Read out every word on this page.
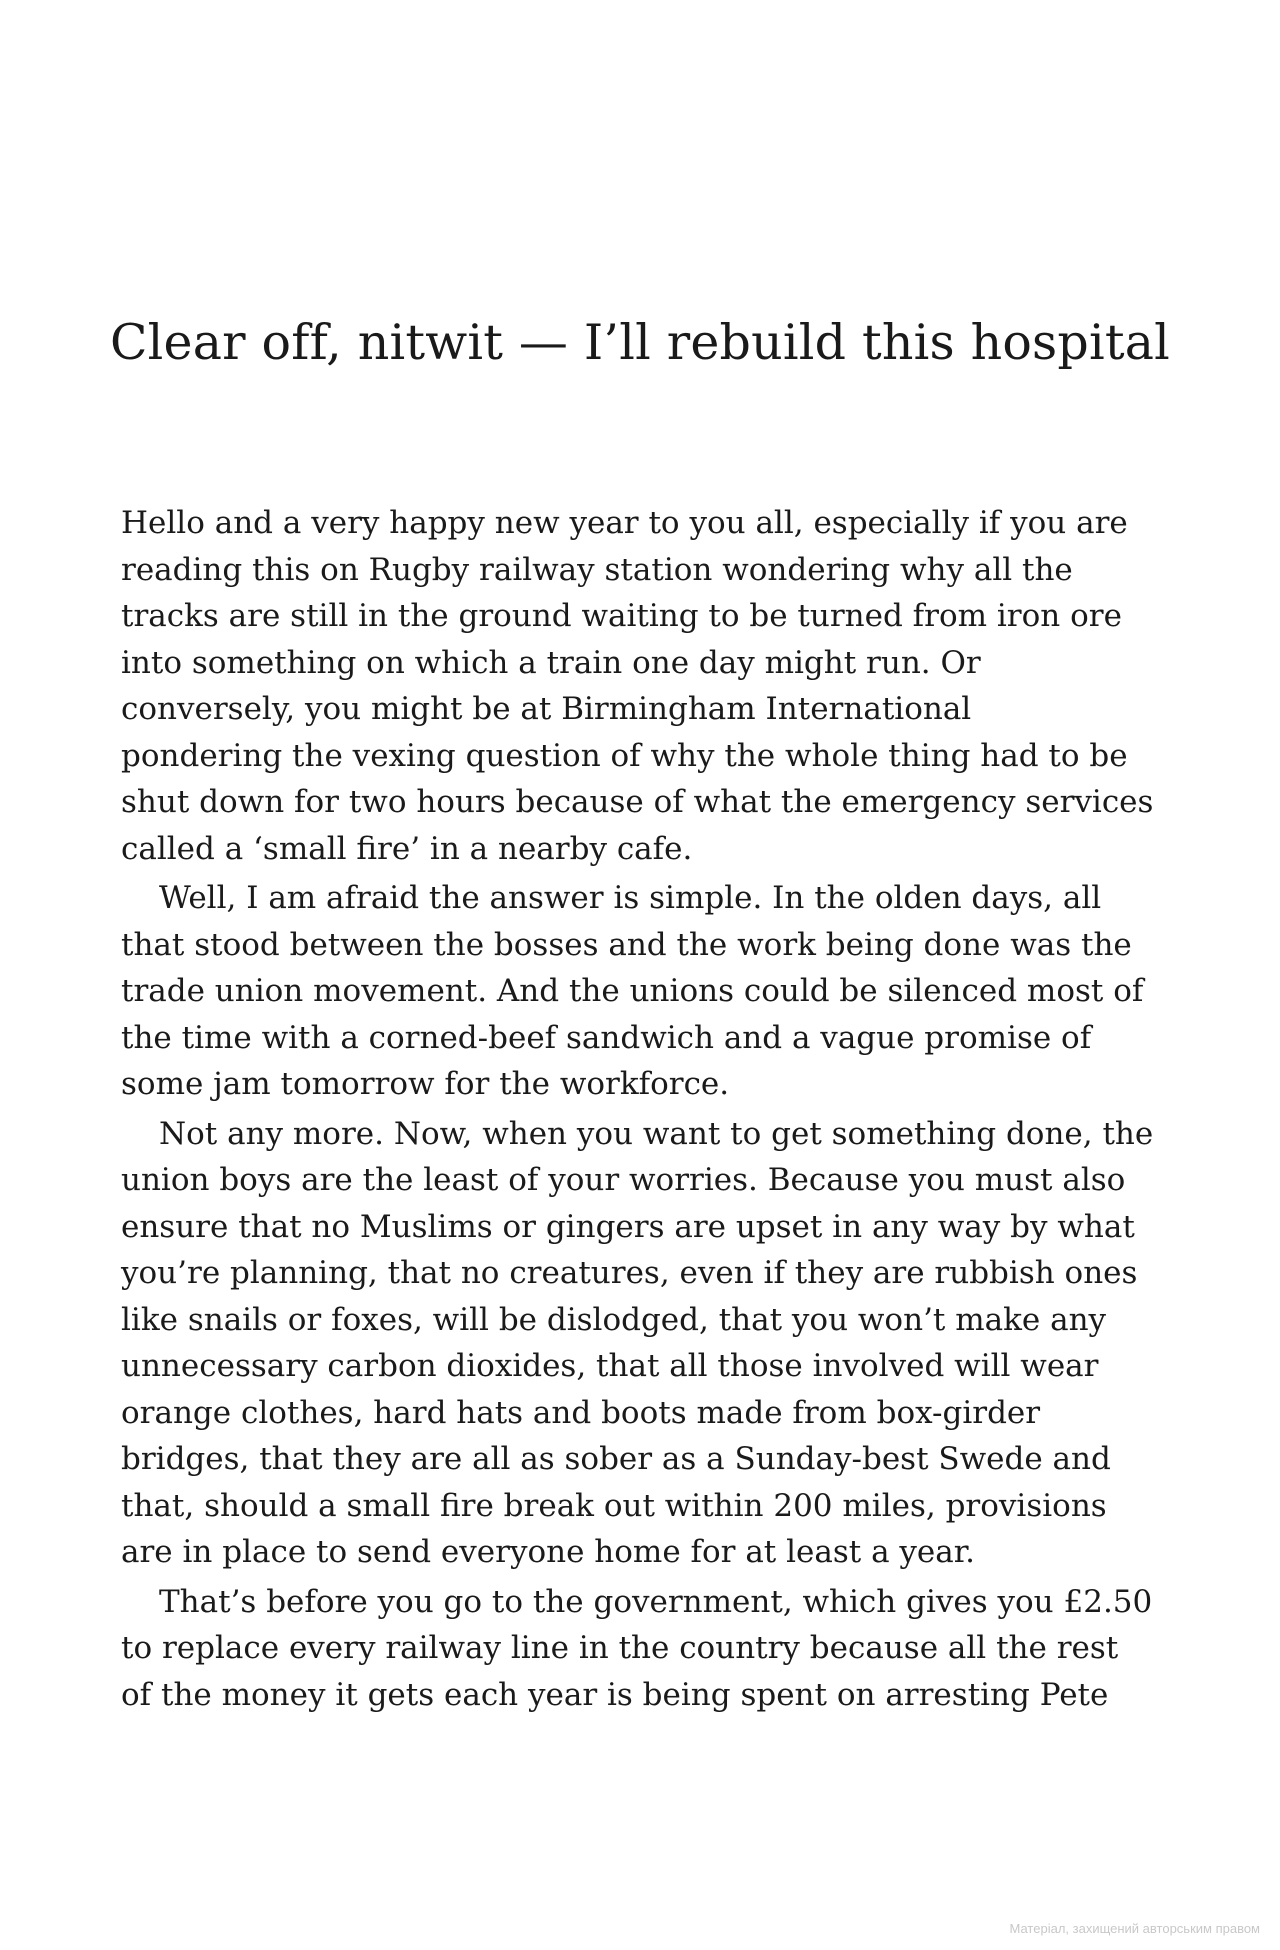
Clear off, nitwit — I’ll rebuild this hospital

Hello and a very happy new year to you all, especially if you are
reading this on Rugby railway station wondering why all the
tracks are still in the ground waiting to be turned from iron ore
into something on which a train one day might run. Or
conversely, you might be at Birmingham International
pondering the vexing question of why the whole thing had to be
shut down for two hours because of what the emergency services
called a ‘small fire’ in a nearby cafe.

Well, I am afraid the answer is simple. In the olden days, all
that stood between the bosses and the work being done was the
trade union movement. And the unions could be silenced most of
the time with a corned-beef sandwich and a vague promise of
some jam tomorrow for the workforce.

Not any more. Now, when you want to get something done, the
union boys are the least of your worries. Because you must also
ensure that no Muslims or gingers are upset in any way by what
you’re planning, that no creatures, even if they are rubbish ones
like snails or foxes, will be dislodged, that you won’t make any
unnecessary carbon dioxides, that all those involved will wear
orange clothes, hard hats and boots made from box-girder
bridges, that they are all as sober as a Sunday-best Swede and
that, should a small fire break out within 200 miles, provisions
are in place to send everyone home for at least a year.

That’s before you go to the government, which gives you £2.50
to replace every railway line in the country because all the rest
of the money it gets each year is being spent on arresting Pete

Матеріал, захищений авторським правом
